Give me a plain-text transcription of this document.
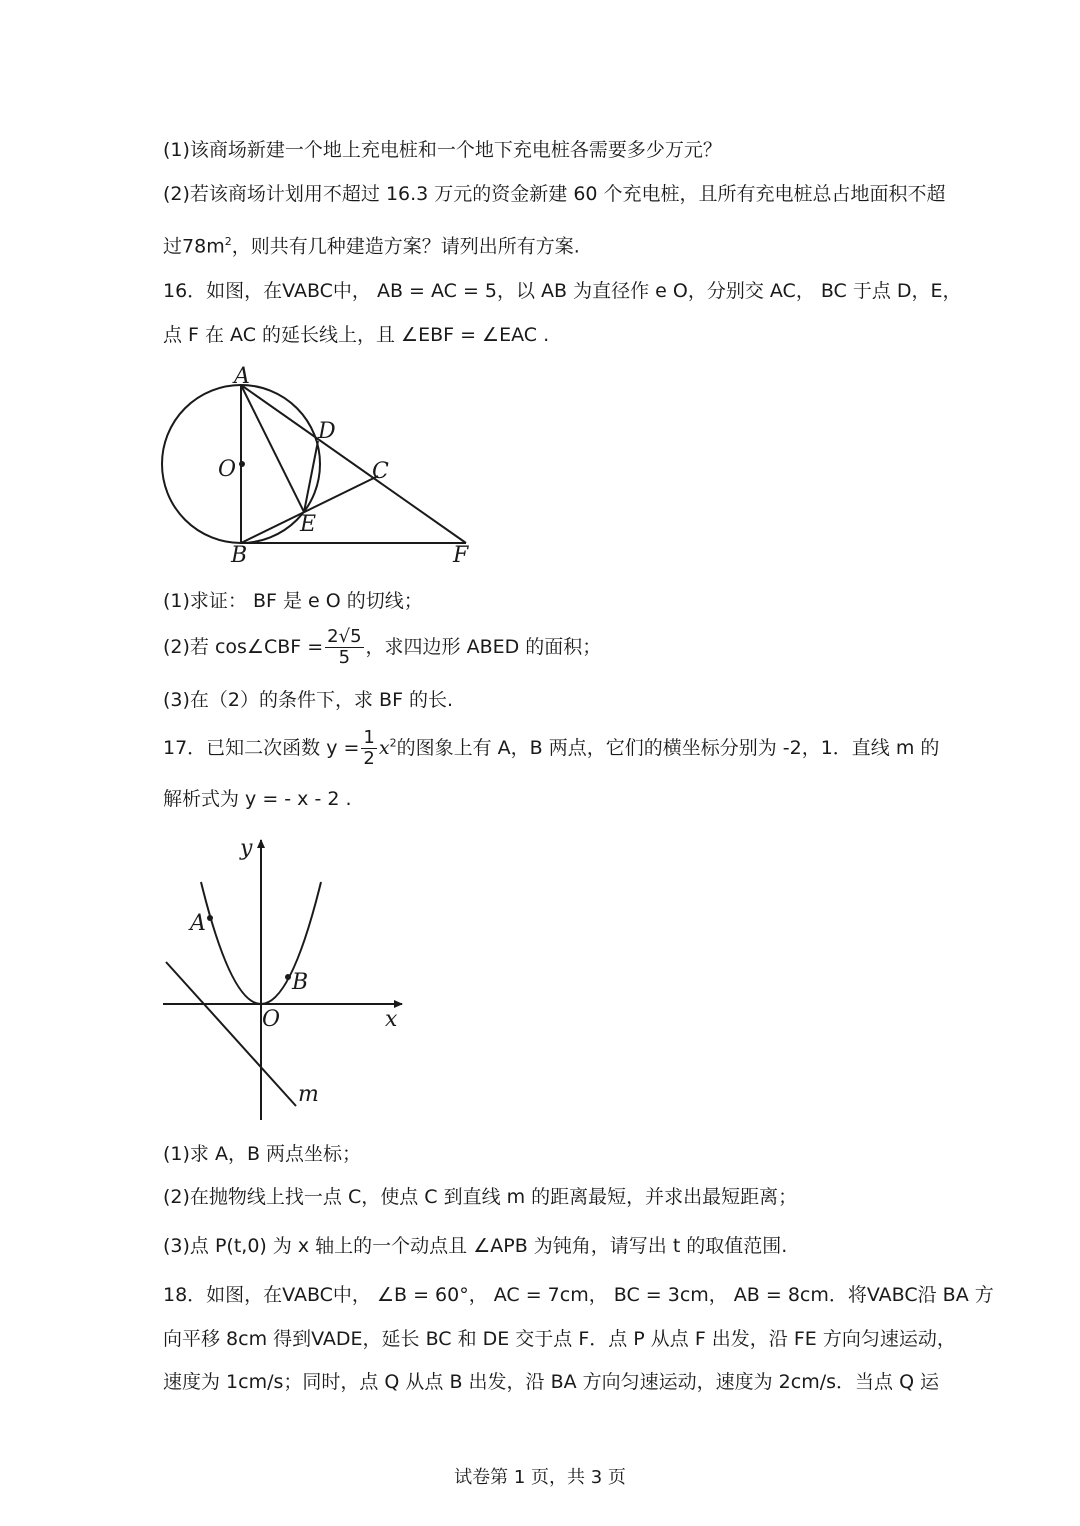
(1)该商场新建一个地上充电桩和一个地下充电桩各需要多少万元？
(2)若该商场计划用不超过 16.3 万元的资金新建 60 个充电桩，且所有充电桩总占地面积不超
过$78m^2$，则共有几种建造方案？请列出所有方案.
16．如图，在VABC中， AB = AC = 5，以 AB 为直径作 e O，分别交 AC， BC 于点 D，E，
点 F 在 AC 的延长线上，且 ∠EBF = ∠EAC .
A
D
O	C
E
B	F
(1)求证： BF 是 e O 的切线；
(2)若 cos∠CBF = $\frac{2√5}{5}$ ，求四边形 ABED 的面积；
(3)在（2）的条件下，求 BF 的长.
17．已知二次函数 $y = \frac{1}{2} x^2$的图象上有 A，B 两点，它们的横坐标分别为 -2，1．直线 m 的
解析式为 y = - x - 2 .
y
x
A
B
O
m
(1)求 A，B 两点坐标；
(2)在抛物线上找一点 C，使点 C 到直线 m 的距离最短，并求出最短距离；
(3)点 P(t,0) 为 x 轴上的一个动点且 ∠APB 为钝角，请写出 t 的取值范围.
18．如图，在VABC中， ∠B = 60°， AC = 7cm， BC = 3cm， AB = 8cm．将VABC沿 BA 方
向平移 8cm 得到VADE，延长 BC 和 DE 交于点 F．点 P 从点 F 出发，沿 FE 方向匀速运动，
速度为 1cm/s；同时，点 Q 从点 B 出发，沿 BA 方向匀速运动，速度为 2cm/s．当点 Q 运
试卷第 1 页，共 3 页
